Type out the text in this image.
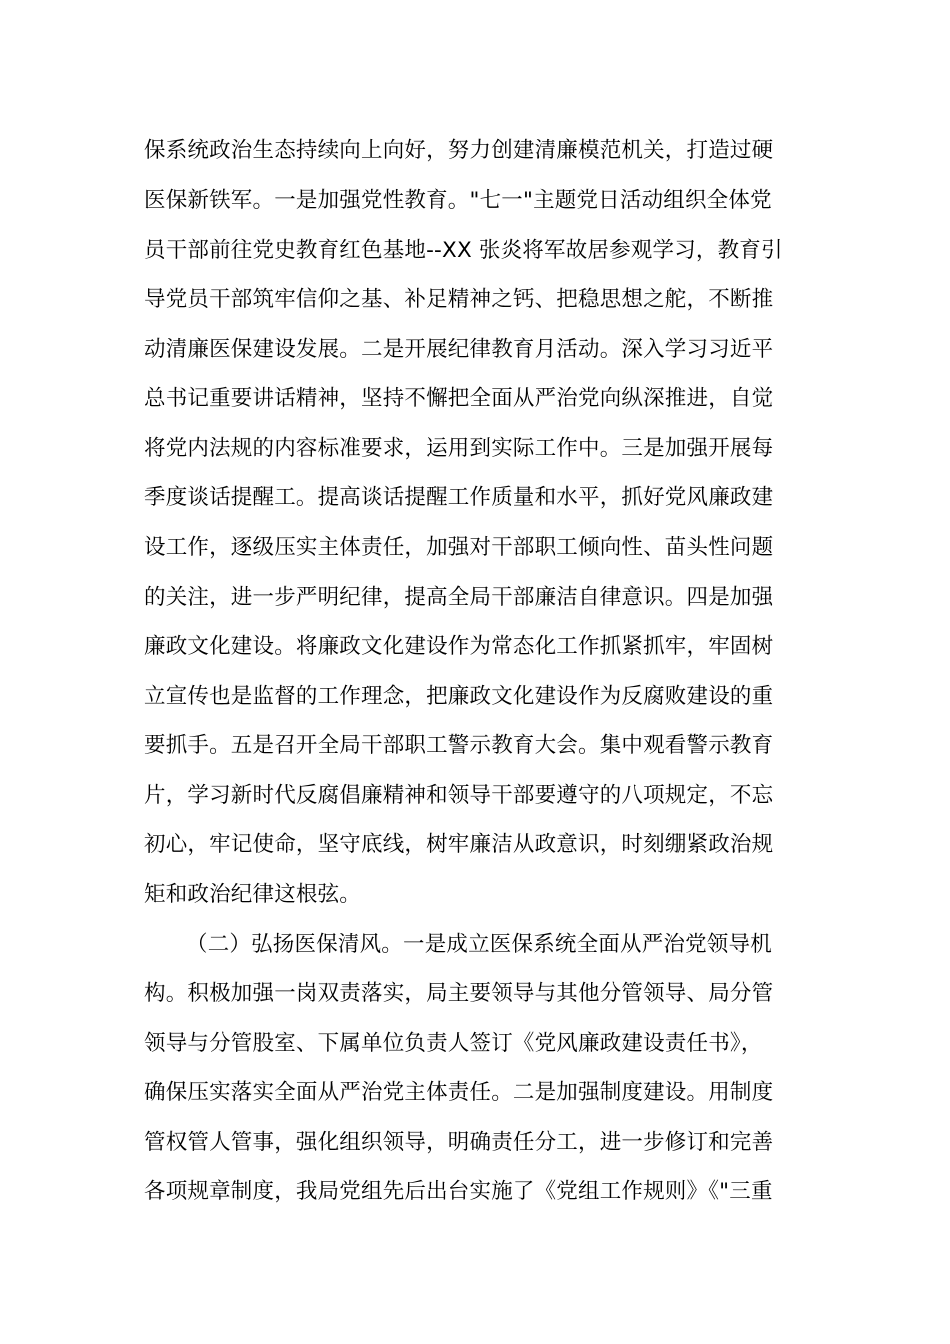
保系统政治生态持续向上向好，努力创建清廉模范机关，打造过硬
医保新铁军。一是加强党性教育。"七一"主题党日活动组织全体党
员干部前往党史教育红色基地--XX 张炎将军故居参观学习，教育引
导党员干部筑牢信仰之基、补足精神之钙、把稳思想之舵，不断推
动清廉医保建设发展。二是开展纪律教育月活动。深入学习习近平
总书记重要讲话精神，坚持不懈把全面从严治党向纵深推进，自觉
将党内法规的内容标准要求，运用到实际工作中。三是加强开展每
季度谈话提醒工。提高谈话提醒工作质量和水平，抓好党风廉政建
设工作，逐级压实主体责任，加强对干部职工倾向性、苗头性问题
的关注，进一步严明纪律，提高全局干部廉洁自律意识。四是加强
廉政文化建设。将廉政文化建设作为常态化工作抓紧抓牢，牢固树
立宣传也是监督的工作理念，把廉政文化建设作为反腐败建设的重
要抓手。五是召开全局干部职工警示教育大会。集中观看警示教育
片，学习新时代反腐倡廉精神和领导干部要遵守的八项规定，不忘
初心，牢记使命，坚守底线，树牢廉洁从政意识，时刻绷紧政治规
矩和政治纪律这根弦。
（二）弘扬医保清风。一是成立医保系统全面从严治党领导机
构。积极加强一岗双责落实，局主要领导与其他分管领导、局分管
领导与分管股室、下属单位负责人签订《党风廉政建设责任书》，
确保压实落实全面从严治党主体责任。二是加强制度建设。用制度
管权管人管事，强化组织领导，明确责任分工，进一步修订和完善
各项规章制度，我局党组先后出台实施了《党组工作规则》《"三重
